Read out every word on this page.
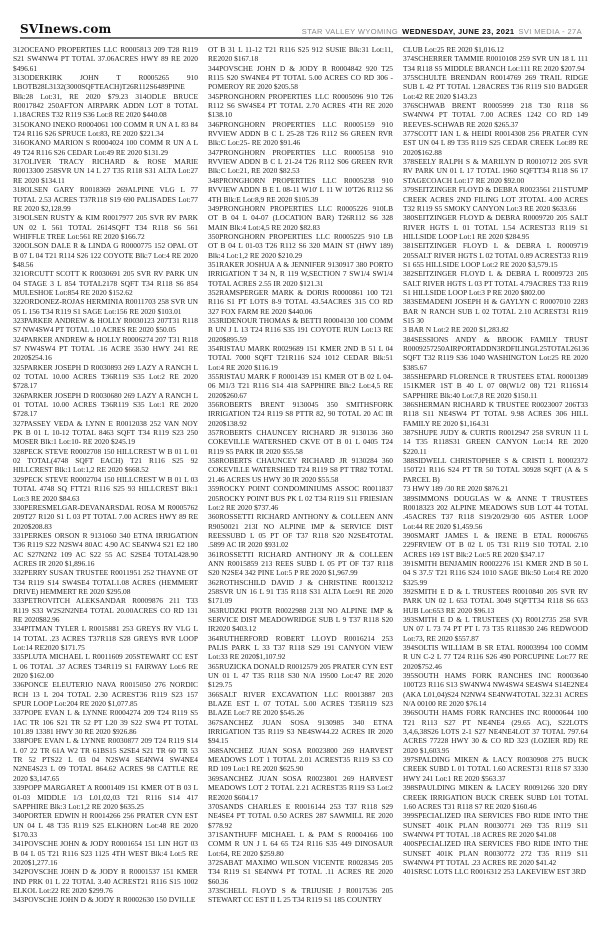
SVInews.com	STAR VALLEY WYOMING WEDNESDAY, JUNE 23, 2021 SVI MEDIA - 27A

312OCEANO PROPERTIES LLC R0005813 209 T28 R119 S21 SW4NW4 PT TOTAL 37.06ACRES HWY 89 RE 2020 $496.61

313ODERKIRK JOHN T R0005265 910 LBOTB28L3132(3000SQFTEACH)T26R112S6489PINE Blk:28 Lot:31, RE 2020 $79.23 314ODLE BRUCE R0017842 250AFTON AIRPARK ADDN LOT 8 TOTAL 1.18ACRES T32 R119 S36 Lot:8 RE 2020 $440.08

315OKANO INEKO R0004061 100 COMM R UN A L 83 84 T24 R116 S26 SPRUCE Lot:83, RE 2020 $221.34

316OKANO MARION S R0004024 100 COMM R UN A L 49 T24 R116 S26 CEDAR Lot:49 RE 2020 $131.29

317OLIVER TRACY RICHARD & ROSE MARIE R0013300 258SVR UN 14 L 27 T35 R118 S31 ALTA Lot:27 RE 2020 $134.11

318OLSEN GARY R0018369 269ALPINE VLG L 77 TOTAL 2.53 ACRES T37R118 S19 690 PALISADES Lot:77 RE 2020 $2,128.99

319OLSEN RUSTY & KIM R0017977 205 SVR RV PARK UN 02 L 561 TOTAL 2614SQFT T34 R118 S6 561 WHIFFLE TREE Lot:561 RE 2020 $166.72

320OLSON DALE R & LINDA G R0000775 152 OPAL OT B 07 L 04 T21 R114 S26 122 COYOTE Blk:7 Lot:4 RE 2020 $48.56

321ORCUTT SCOTT K R0030691 205 SVR RV PARK UN 04 STAGE 3 L 854 TOTAL2178 SQFT T34 R118 S6 854 MULESHOE Lot:854 RE 2020 $152.62

322ORDONEZ-ROJAS HERMINIA R0011703 258 SVR UN 05 L 156 T34 R119 S1 SAGE Lot:156 RE 2020 $103.01

323PARKER ANDREW & HOLLY R0030123 207T31 R118 S7 NW4SW4 PT TOTAL .10 ACRES RE 2020 $50.05

324PARKER ANDREW & HOLLY R0006274 207 T31 R118 S7 NW4SW4 PT TOTAL .16 ACRE 3530 HWY 241 RE 2020$254.16

325PARKER JOSEPH D R0030893 269 LAZY A RANCH L 02 TOTAL 10.00 ACRES T36R119 S35 Lot:2 RE 2020 $728.17

326PARKER JOSEPH D R0030680 269 LAZY A RANCH L 01 TOTAL 10.00 ACRES T36R119 S35 Lot:1 RE 2020 $728.17

327PASSEY VEDA & LYNN E R0012038 252 VAN NOY PK B 01 L 10-12 TOTAL 8463 SQFT T34 R119 S23 250 MOSER Blk:1 Lot:10- RE 2020 $245.19

328PECK STEVE R0002708 150 HILLCREST W B 01 L 01 02 TOTAL(4748 SQFT EACH) T21 R116 S25 92 HILLCREST Blk:1 Lot:1,2 RE 2020 $668.52

329PECK STEVE R0002704 150 HILLCREST W B 01 L 03 TOTAL 4748 SQ FTT21 R116 S25 93 HILLCREST Blk:1 Lot:3 RE 2020 $84.63

330PERESMELGAR-DEVANARSDAL ROSA M R0005762 209T27 R120 S1 L 03 PT TOTAL 7.00 ACRES HWY 89 RE 2020$208.83

331PERKES ORSON R 9131060 340 ETNA IRRIGATION T36 R119 S22 N2SW4 80AC 4.90 AC SE4NW4 S21 E2 180 AC S27N2N2 109 AC S22 55 AC S2SE4 TOTAL428.90 ACRES IR 2020 $1,896.16

332PERRY SUSAN TRUSTEE R0011951 252 THAYNE OT T34 R119 S14 SW4SE4 TOTAL1.08 ACRES (HEMMERT DRIVE) HEMMERT RE 2020 $295.08

333PETROVITCH ALEKSANDAR R0009876 211 T33 R119 S33 W2S2N2NE4 TOTAL 20.00ACRES CO RD 131 RE 2020$82.96

334PITMAN TYLER L R0015881 253 GREYS RV VLG L 14 TOTAL .23 ACRES T37R118 S28 GREYS RVR LOOP Lot:14 RE2020 $171.75

335PLUTA MICHAEL L R0011609 205STEWART CC EST L 06 TOTAL .37 ACRES T34R119 S1 FAIRWAY Lot:6 RE 2020 $162.00

336PONCE ELEUTERIO NAVA R0015050 276 NORDIC RCH 13 L 204 TOTAL 2.30 ACREST36 R119 S23 157 SPUR LOOP Lot:204 RE 2020 $1,077.85

337POPE EVAN L & LYNNE R0004274 209 T24 R119 S5 1AC TR 106 S21 TR 52 PT L20 39 S22 SW4 PT TOTAL 101.89 13381 HWY 30 RE 2020 $926.86

338POPE EVAN L & LYNNE R0030877 209 T24 R119 S14 L 07 22 TR 61A W2 TR 61BS15 S2SE4 S21 TR 60 TR 53 TR 52 PTS22 L 03 04 N2SW4 SE4NW4 SW4NE4 N2NE4S23 L 09 TOTAL 864.62 ACRES 98 CATTLE RE 2020 $3,147.65

339POPP MARGARET A R0001409 151 KMER OT B 03 L 01-03 MIDDLE 1/3 L01,02,03 T21 R116 S14 417 SAPPHIRE Blk:3 Lot:1,2 RE 2020 $635.25

340PORTER EDWIN H R0014266 256 PRATER CYN EST UN 04 L 48 T35 R119 S25 ELKHORN Lot:48 RE 2020 $170.33

341POVSCHE JOHN & JODY R0001654 151 LIN HGT 03 B 04 L 05 T21 R116 S23 1125 4TH WEST Blk:4 Lot:5 RE 2020$1,277.16

342POVSCHE JOHN D & JODY R R0001537 151 KMER IND PRK 01 L 22 TOTAL 3.40 ACREST21 R116 S15 1002 ELKOL Lot:22 RE 2020 $299.76

343POVSCHE JOHN D & JODY R R0002630 150 DVILLE

OT B 31 L 11-12 T21 R116 S25 912 SUSIE Blk:31 Lot:11, RE2020 $167.18

344POVSCHE JOHN D & JODY R R0004842 920 T25 R115 S20 SW4NE4 PT TOTAL 5.00 ACRES CO RD 306 - POMEROY RE 2020 $205.58

345PRONGHORN PROPERTIES LLC R0005096 910 T26 R112 S6 SW4SE4 PT TOTAL 2.70 ACRES 4TH RE 2020 $138.10

346PRONGHORN PROPERTIES LLC R0005159 910 RVVIEW ADDN B C L 25-28 T26 R112 S6 GREEN RVR Blk:C Lot:25- RE 2020 $91.46

347PRONGHORN PROPERTIES LLC R0005158 910 RVVIEW ADDN B C L 21-24 T26 R112 S06 GREEN RVR Blk:C Lot:21, RE 2020 $82.53

348PRONGHORN PROPERTIES LLC R0005238 910 RVVIEW ADDN B E L 08-11 W10' L 11 W 10'T26 R112 S6 4TH Blk:E Lot:8,9 RE 2020 $105.39

349PRONGHORN PROPERTIES LLC R0005226 910LB OT B 04 L 04-07 (LOCATION BAR) T26R112 S6 328 MAIN Blk:4 Lot:4,5 RE 2020 $82.83

350PRONGHORN PROPERTIES LLC R0005225 910 LB OT B 04 L 01-03 T26 R112 S6 320 MAIN ST (HWY 189) Blk:4 Lot:1,2 RE 2020 $210.29

351RAKER JOSHUA A & JENNIFER 9130917 380 PORTO IRRIGATION T 34 N, R 119 W,SECTION 7 SW1/4 SW1/4 TOTAL ACRES 2.55 IR 2020 $121.31

352RAMSPERGER MARK & DORIS R0000861 100 T21 R116 S1 PT LOTS 8-9 TOTAL 43.54ACRES 315 CO RD 327 FOX FARM RE 2020 $440.06

353RIDENOUR THOMAS & BETTI R0004130 100 COMM R UN J L 13 T24 R116 S35 191 COYOTE RUN Lot:13 RE 2020$895.59

354RISTAU MARK R0029689 151 KMER 2ND B 51 L 04 TOTAL 7000 SQFT T21R116 S24 1012 CEDAR Blk:51 Lot:4 RE 2020 $116.19

355RISTAU MARK F R0001439 151 KMER OT B 02 L 04-06 M1/3 T21 R116 S14 418 SAPPHIRE Blk:2 Lot:4,5 RE 2020$260.67

356ROBERTS BRENT 9130045 350 SMITHSFORK IRRIGATION T24 R119 S8 PTTR 82, 90 TOTAL 20 AC IR 2020$138.92

357ROBERTS CHAUNCEY RICHARD JR 9130136 360 COKEVILLE WATERSHED CKVE OT B 01 L 0405 T24 R119 S5 PARK IR 2020 $55.58

358ROBERTS CHAUNCEY RICHARD JR 9130284 360 COKEVILLE WATERSHED T24 R119 S8 PT TR82 TOTAL 21.46 ACRES US HWY 30 IR 2020 $55.58

359ROCKY POINT CONDOMINIUMS ASSOC R0011837 205ROCKY POINT BUS PK L 02 T34 R119 S11 FRIESIAN Lot:2 RE 2020 $737.46

360ROSSETTI RICHARD ANTHONY & COLLEEN ANN R9050021 213I NO ALPINE IMP & SERVICE DIST REESSUBD L 05 PT OF T37 R118 S20 N2SE4TOTAL .5899 AC IR 2020 $931.02

361ROSSETTI RICHARD ANTHONY JR & COLLEEN ANN R0015859 213 REES SUBD L 05 PT OF T37 R118 S20 N2SE4 342 PINE Lot:5 P RE 2020 $1,967.99

362ROTHSCHILD DAVID J & CHRISTINE R0013212 258SVR UN 16 L 91 T35 R118 S31 ALTA Lot:91 RE 2020 $171.09

363RUDZKI PIOTR R0022988 213I NO ALPINE IMP & SERVICE DIST MEADOWRIDGE SUB L 9 T37 R118 S20 IR2020 $403.12

364RUTHERFORD ROBERT LLOYD R0016214 253 PALIS PARK L 33 T37 R118 S29 191 CANYON VIEW Lot:33 RE 2020$1,107.92

365RUZICKA DONALD R0012579 205 PRATER CYN EST UN 01 L 47 T35 R118 S30 N/A 19500 Lot:47 RE 2020 $129.75

366SALT RIVER EXCAVATION LLC R0013887 203 BLAZE EST L 07 TOTAL 5.00 ACRES T35R119 S23 BLAZE Lot:7 RE 2020 $545.26

367SANCHEZ JUAN SOSA 9130985 340 ETNA IRRIGATION T35 R119 S3 NE4SW44.22 ACRES IR 2020 $94.15

368SANCHEZ JUAN SOSA R0023800 269 HARVEST MEADOWS LOT 1 TOTAL 2.01 ACREST35 R119 S3 CO RD 109 Lot:1 RE 2020 $625.90

369SANCHEZ JUAN SOSA R0023801 269 HARVEST MEADOWS LOT 2 TOTAL 2.21 ACREST35 R119 S3 Lot:2 RE2020 $604.17

370SANDS CHARLES E R0016144 253 T37 R118 S29 NE4SE4 PT TOTAL 0.50 ACRES 287 SAWMILL RE 2020 $778.92

371SANTHUFF MICHAEL L & PAM S R0004166 100 COMM R UN J L 64 65 T24 R116 S35 449 DINOSAUR Lot:64, RE 2020 $259.80

372SABAT MAXIMO WILSON VICENTE R0028345 205 T34 R119 S1 SE4NW4 PT TOTAL .11 ACRES RE 2020 $60.36

373SCHELL FLOYD S & TRIJUSIE J R0017536 205 STEWART CC EST II L 25 T34 R119 S1 185 COUNTRY

CLUB Lot:25 RE 2020 $1,016.12

374SCHERRER TAMMIE R0010108 259 SVR UN 18 L 111 T34 R118 S5 MIDDLE BRANCH Lot:111 RE 2020 $207.94

375SCHULTE BRENDAN R0014769 269 TRAIL RIDGE SUB L 42 PT TOTAL 1.28ACRES T36 R119 S10 BADGER Lot:42 RE 2020 $143.23

376SCHWAB BRENT R0005999 218 T30 R118 S6 SW4NW4 PT TOTAL 7.00 ACRES 1242 CO RD 149 REEVES-SCHWAB RE 2020 $265.37

377SCOTT IAN L & HEIDI R0014308 256 PRATER CYN EST UN 04 L 89 T35 R119 S25 CEDAR CREEK Lot:89 RE 2020$162.88

378SEELY RALPH S & MARILYN D R0010712 205 SVR RV PARK UN 01 L 17 TOTAL 1960 SQFTT34 R118 S6 17 STAGECOACH Lot:17 RE 2020 $92.00

379SEITZINGER FLOYD & DEBRA R0023561 211STUMP CREEK ACRES 2ND FILING LOT 3TOTAL 4.00 ACRES T32 R119 S5 SMOKY CANYON Lot:3 RE 2020 $633.66

380SEITZINGER FLOYD & DEBRA R0009720 205 SALT RIVER HGTS L 01 TOTAL 1.54 ACREST33 R119 S1 HILLSIDE LOOP Lot:1 RE 2020 $284.95

381SEITZINGER FLOYD L & DEBRA L R0009719 205SALT RIVER HGTS L 02 TOTAL 0.89 ACREST33 R119 S1 655 HILLSIDE LOOP Lot:2 RE 2020 $3,579.15

382SEITZINGER FLOYD L & DEBRA L R0009723 205 SALT RIVER HGTS L 03 PT TOTAL 4.79ACRES T33 R119 S1 HILLSIDE LOOP Lot:3 P RE 2020 $802.00

383SEMADENI JOSEPH H & GAYLYN C R0007010 2283 BAR N RANCH SUB L 02 TOTAL 2.10 ACREST31 R119 S15 30

3 BAR N Lot:2 RE 2020 $1,283.82

384SESSIONS ANDY & BROOK FAMILY TRUST R0009257250AIRPORTADDN3RDFILINGL25TOTAL26136 SQFT T32 R119 S36 1040 WASHINGTON Lot:25 RE 2020 $385.67

385SHEPARD FLORENCE R TRUSTEES ETAL R0001389 151KMER 1ST B 40 L 07 08(W1/2 08) T21 R116S14 SAPPHIRE Blk:40 Lot:7,8 RE 2020 $150.11

386SHERMAN RICHARD K TRUSTEE R0023007 206T33 R118 S11 NE4SW4 PT TOTAL 9.98 ACRES 306 HILL FAMILY RE 2020 $1,164.31

387SHUPE JUDY & CURTIS R0012947 258 SVRUN 11 L 14 T35 R118S31 GREEN CANYON Lot:14 RE 2020 $220.11

388SIDWELL CHRISTOPHER S & CRISTI L R0002372 150T21 R116 S24 PT TR 50 TOTAL 30928 SQFT (A & S PARCEL B)

73 HWY 189 /30 RE 2020 $876.21

389SIMMONS DOUGLAS W & ANNE T TRUSTEES R0018323 202 ALPINE MEADOWS SUB LOT 44 TOTAL .45ACRES T37 R118 S19/20/29/30 605 ASTER LOOP Lot:44 RE 2020 $1,459.56

390SMART JAMES L & IRENE B ETAL R0006765 229FRVIEW OT B 02 L 05 T31 R119 S10 TOTAL 2.10 ACRES 169 1ST Blk:2 Lot:5 RE 2020 $347.17

391SMITH BENJAMIN R0002276 151 KMER 2ND B 50 L 04 S 37.5' T21 R116 S24 1010 SAGE Blk:50 Lot:4 RE 2020 $325.99

392SMITH E D & L TRUSTEES R0010840 205 SVR RV PARK UN 02 L 653 TOTAL 3049 SQFTT34 R118 S6 653 HUB Lot:653 RE 2020 $96.13

393SMITH E D & L TRUSTEES (X) R0012735 258 SVR UN 07 L 73 74 PT PT L 73 T35 R118S30 246 REDWOOD Lot:73, RE 2020 $557.87

394SOLTIS WILLIAM B SR ETAL R0003994 100 COMM R UN C-2 L 77 T24 R116 S26 490 PORCUPINE Lot:77 RE 2020$752.46

395SOUTH HAMS FORK RANCHES INC R0003640 100T23 R116 S13 SW4NW4 NW4SW4 SE4SW4 S14E2NE4 (AKA L01,04)S24 N2NW4 SE4NW4TOTAL 322.31 ACRES N/A 00100 RE 2020 $76.14

396SOUTH HAMS FORK RANCHES INC R0000644 100 T21 R113 S27 PT NE4NE4 (29.65 AC), S22LOTS 3,4,6,38S26 LOTS 2-1 S27 NE4NE4LOT 37 TOTAL 797.64 ACRES 77228 HWY 30 & CO RD 323 (LOZIER RD) RE 2020 $1,603.95

397SPALDING MIKEN & LACY R0030908 275 BUCK CREEK SUBD L 01 TOTAL 1.60 ACREST31 R118 S7 3330 HWY 241 Lot:1 RE 2020 $563.37

398SPAULDING MIKEN & LACEY R0091266 320 DRY CREEK IRRIGATION BUCK CREEK SUBD L01 TOTAL 1.60 ACRES T31 R118 S7 RE 2020 $160.46

399SPECIALIZED IRA SERVICES FBO RIDE INTO THE SUNSET 401K PLAN R0030771 269 T35 R119 S11 SW4NW4 PT TOTAL .18 ACRES RE 2020 $41.08

400SPECIALIZED IRA SERVICES FBO RIDE INTO THE SUNSET 401K PLAN R0030772 272 T35 R119 S11 SW4NW4 PT TOTAL .23 ACRES RE 2020 $41.42

401SRSC LOTS LLC R0016312 253 LAKEVIEW EST 3RD
